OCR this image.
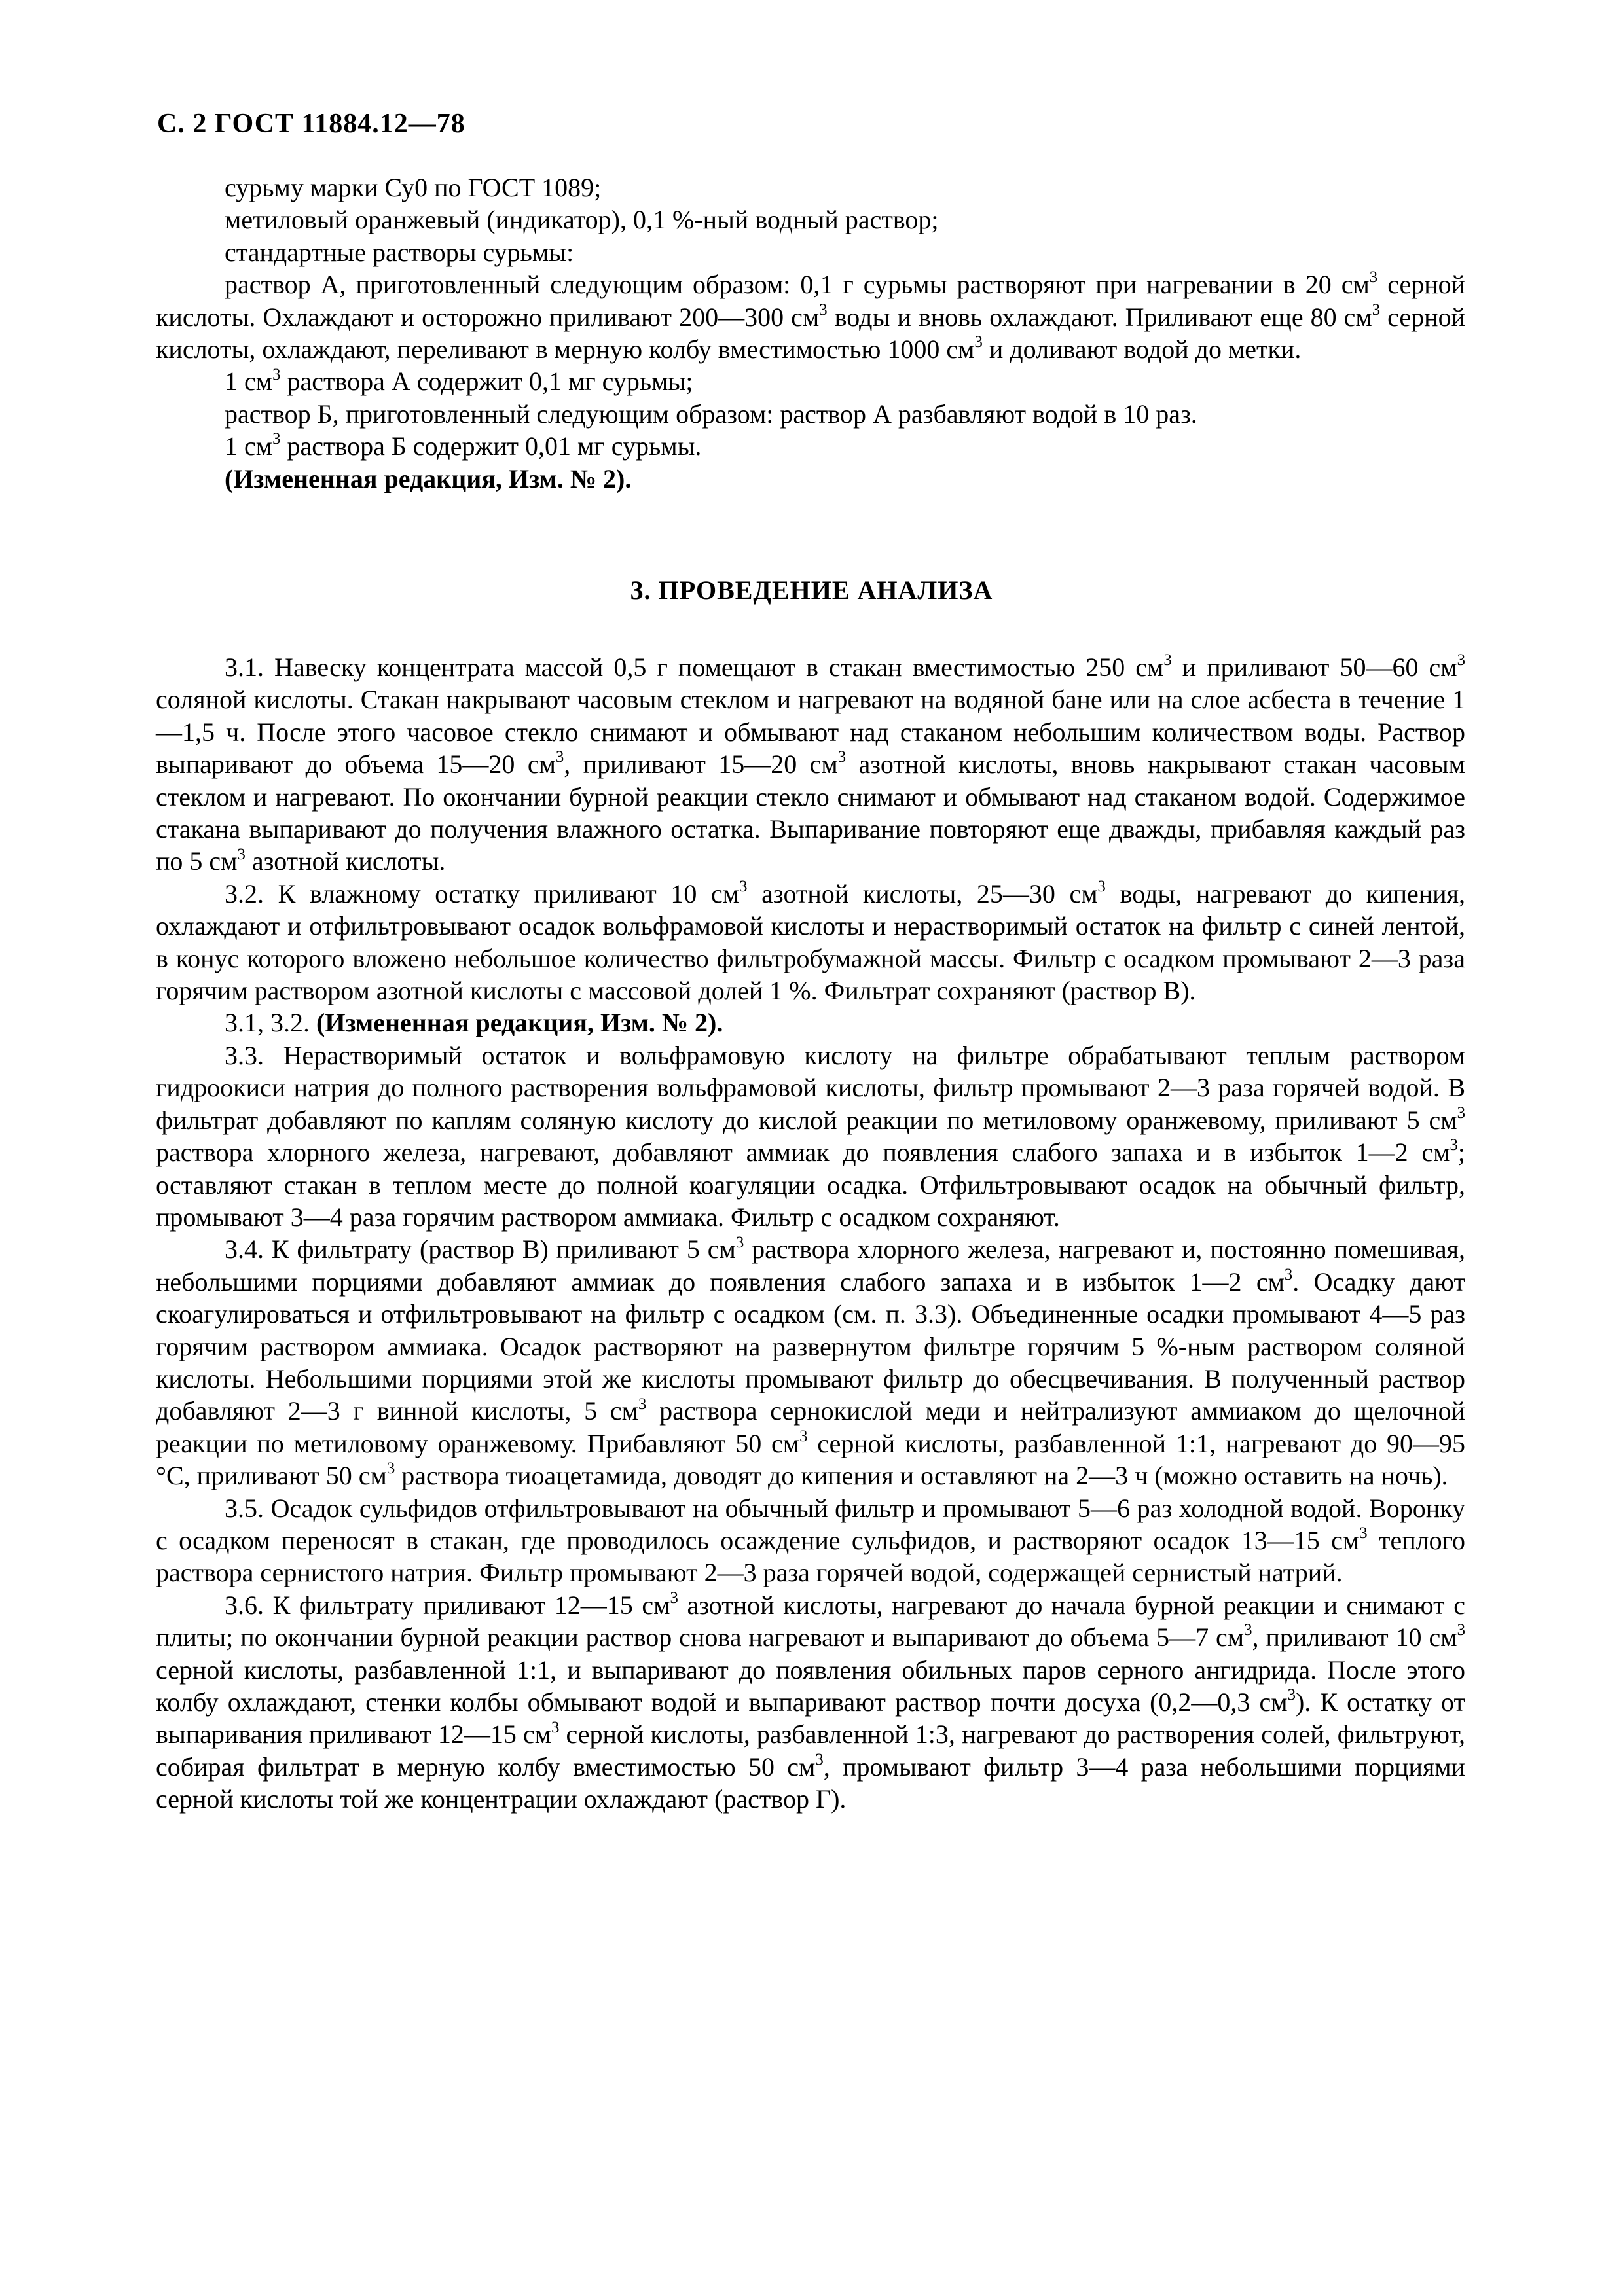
С. 2 ГОСТ 11884.12—78

сурьму марки Су0 по ГОСТ 1089;

метиловый оранжевый (индикатор), 0,1 %-ный водный раствор;

стандартные растворы сурьмы:

раствор А, приготовленный следующим образом: 0,1 г сурьмы растворяют при нагревании в 20 $см^3$ серной кислоты. Охлаждают и осторожно приливают 200—300 $см^3$ воды и вновь охлаждают. Приливают еще 80 $см^3$ серной кислоты, охлаждают, переливают в мерную колбу вместимостью 1000 $см^3$ и доливают водой до метки.

1 $см^3$ раствора А содержит 0,1 мг сурьмы;

раствор Б, приготовленный следующим образом: раствор А разбавляют водой в 10 раз.

1 $см^3$ раствора Б содержит 0,01 мг сурьмы.

(Измененная редакция, Изм. № 2).

3. ПРОВЕДЕНИЕ АНАЛИЗА

3.1. Навеску концентрата массой 0,5 г помещают в стакан вместимостью 250 $см^3$ и приливают 50—60 $см^3$ соляной кислоты. Стакан накрывают часовым стеклом и нагревают на водяной бане или на слое асбеста в течение 1—1,5 ч. После этого часовое стекло снимают и обмывают над стаканом небольшим количеством воды. Раствор выпаривают до объема 15—20 $см^3$, приливают 15—20 $см^3$ азотной кислоты, вновь накрывают стакан часовым стеклом и нагревают. По окончании бурной реакции стекло снимают и обмывают над стаканом водой. Содержимое стакана выпаривают до получения влажного остатка. Выпаривание повторяют еще дважды, прибавляя каждый раз по 5 $см^3$ азотной кислоты.

3.2. К влажному остатку приливают 10 $см^3$ азотной кислоты, 25—30 $см^3$ воды, нагревают до кипения, охлаждают и отфильтровывают осадок вольфрамовой кислоты и нерастворимый остаток на фильтр с синей лентой, в конус которого вложено небольшое количество фильтробумажной массы. Фильтр с осадком промывают 2—3 раза горячим раствором азотной кислоты с массовой долей 1 %. Фильтрат сохраняют (раствор В).

3.1, 3.2. (Измененная редакция, Изм. № 2).

3.3. Нерастворимый остаток и вольфрамовую кислоту на фильтре обрабатывают теплым раствором гидроокиси натрия до полного растворения вольфрамовой кислоты, фильтр промывают 2—3 раза горячей водой. В фильтрат добавляют по каплям соляную кислоту до кислой реакции по метиловому оранжевому, приливают 5 $см^3$ раствора хлорного железа, нагревают, добавляют аммиак до появления слабого запаха и в избыток 1—2 $см^3$; оставляют стакан в теплом месте до полной коагуляции осадка. Отфильтровывают осадок на обычный фильтр, промывают 3—4 раза горячим раствором аммиака. Фильтр с осадком сохраняют.

3.4. К фильтрату (раствор В) приливают 5 $см^3$ раствора хлорного железа, нагревают и, постоянно помешивая, небольшими порциями добавляют аммиак до появления слабого запаха и в избыток 1—2 $см^3$. Осадку дают скоагулироваться и отфильтровывают на фильтр с осадком (см. п. 3.3). Объединенные осадки промывают 4—5 раз горячим раствором аммиака. Осадок растворяют на развернутом фильтре горячим 5 %-ным раствором соляной кислоты. Небольшими порциями этой же кислоты промывают фильтр до обесцвечивания. В полученный раствор добавляют 2—3 г винной кислоты, 5 $см^3$ раствора сернокислой меди и нейтрализуют аммиаком до щелочной реакции по метиловому оранжевому. Прибавляют 50 $см^3$ серной кислоты, разбавленной 1:1, нагревают до 90—95 °С, приливают 50 $см^3$ раствора тиоацетамида, доводят до кипения и оставляют на 2—3 ч (можно оставить на ночь).

3.5. Осадок сульфидов отфильтровывают на обычный фильтр и промывают 5—6 раз холодной водой. Воронку с осадком переносят в стакан, где проводилось осаждение сульфидов, и растворяют осадок 13—15 $см^3$ теплого раствора сернистого натрия. Фильтр промывают 2—3 раза горячей водой, содержащей сернистый натрий.

3.6. К фильтрату приливают 12—15 $см^3$ азотной кислоты, нагревают до начала бурной реакции и снимают с плиты; по окончании бурной реакции раствор снова нагревают и выпаривают до объема 5—7 $см^3$, приливают 10 $см^3$ серной кислоты, разбавленной 1:1, и выпаривают до появления обильных паров серного ангидрида. После этого колбу охлаждают, стенки колбы обмывают водой и выпаривают раствор почти досуха (0,2—0,3 $см^3$). К остатку от выпаривания приливают 12—15 $см^3$ серной кислоты, разбавленной 1:3, нагревают до растворения солей, фильтруют, собирая фильтрат в мерную колбу вместимостью 50 $см^3$, промывают фильтр 3—4 раза небольшими порциями серной кислоты той же концентрации охлаждают (раствор Г).
